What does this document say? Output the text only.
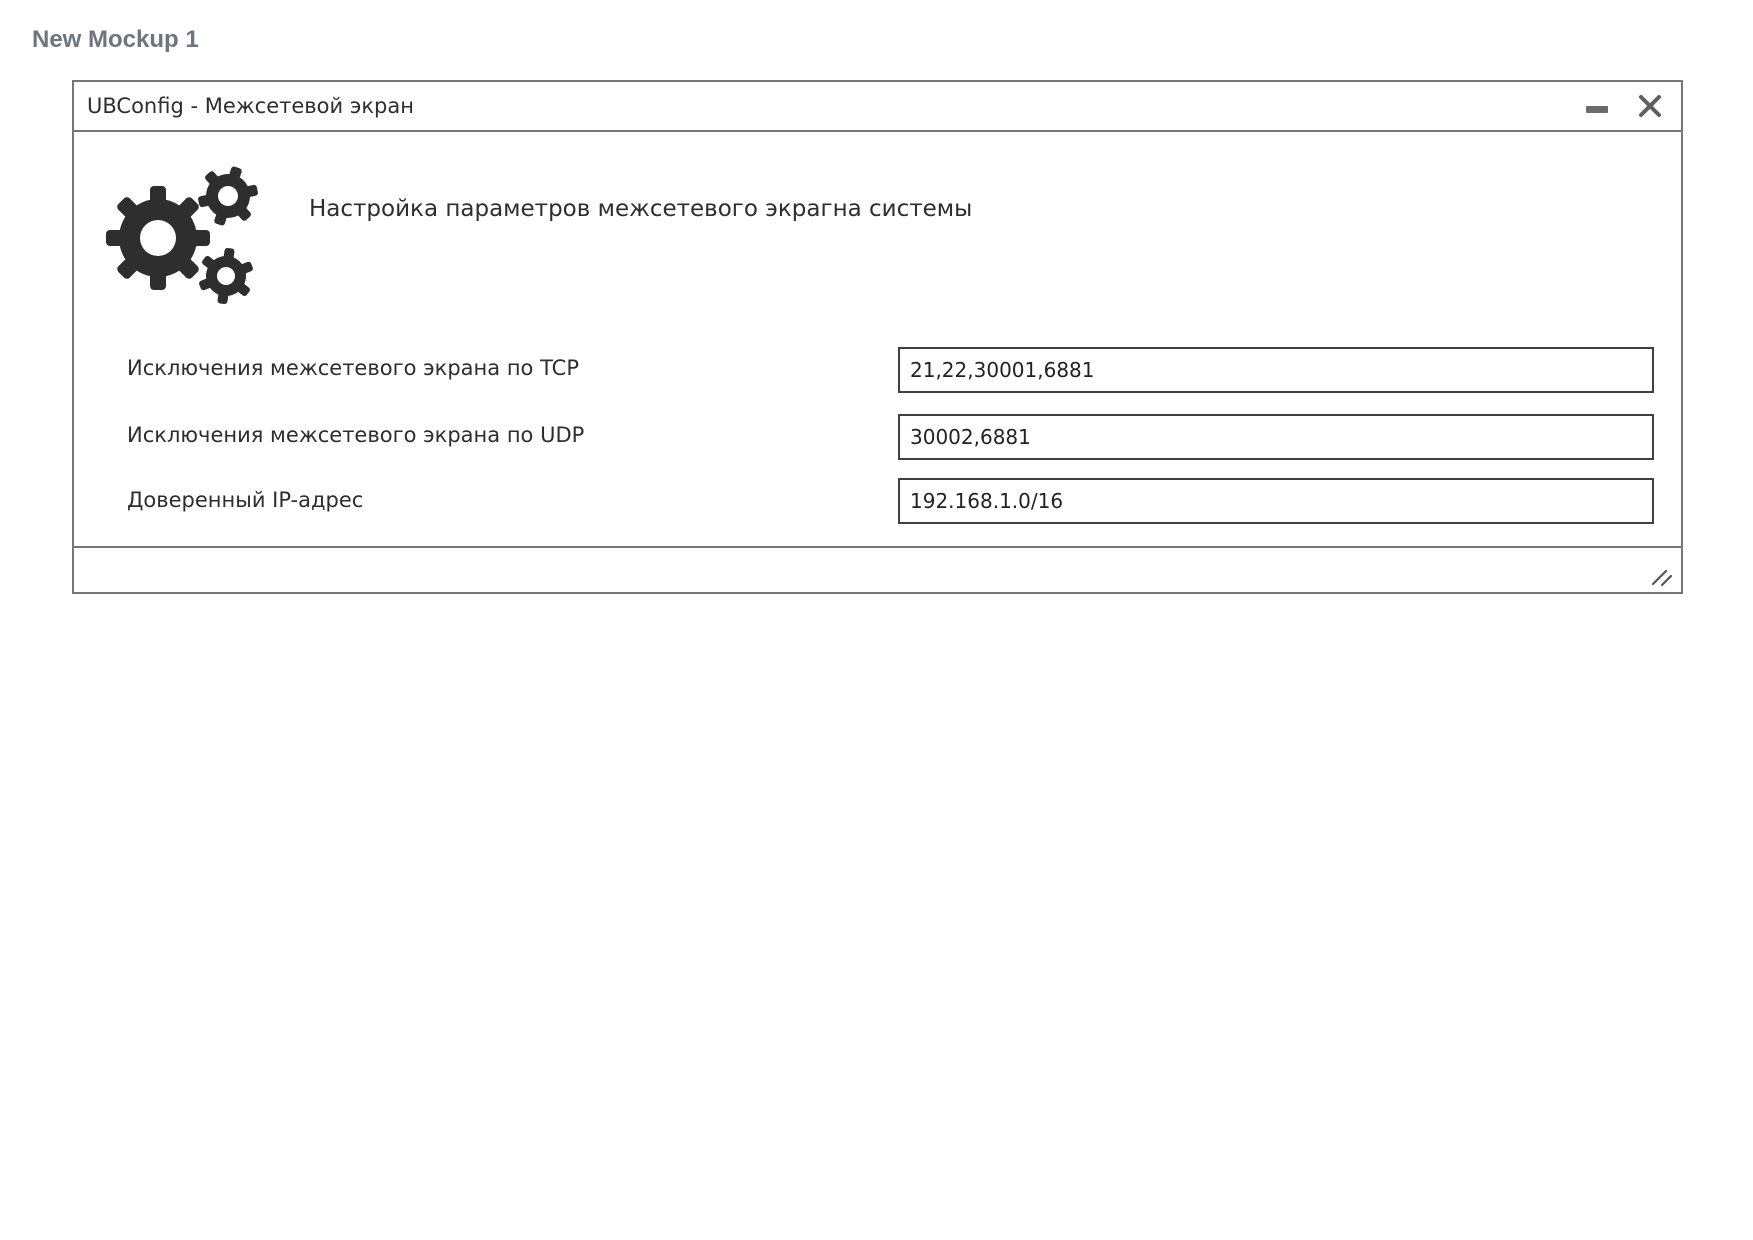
New Mockup 1
UBConfig - Межсетевой экран
Настройка параметров межсетевого экрагна системы
Исключения межсетевого экрана по TCP
21,22,30001,6881
Исключения межсетевого экрана по UDP
30002,6881
Доверенный IP-адрес
192.168.1.0/16
